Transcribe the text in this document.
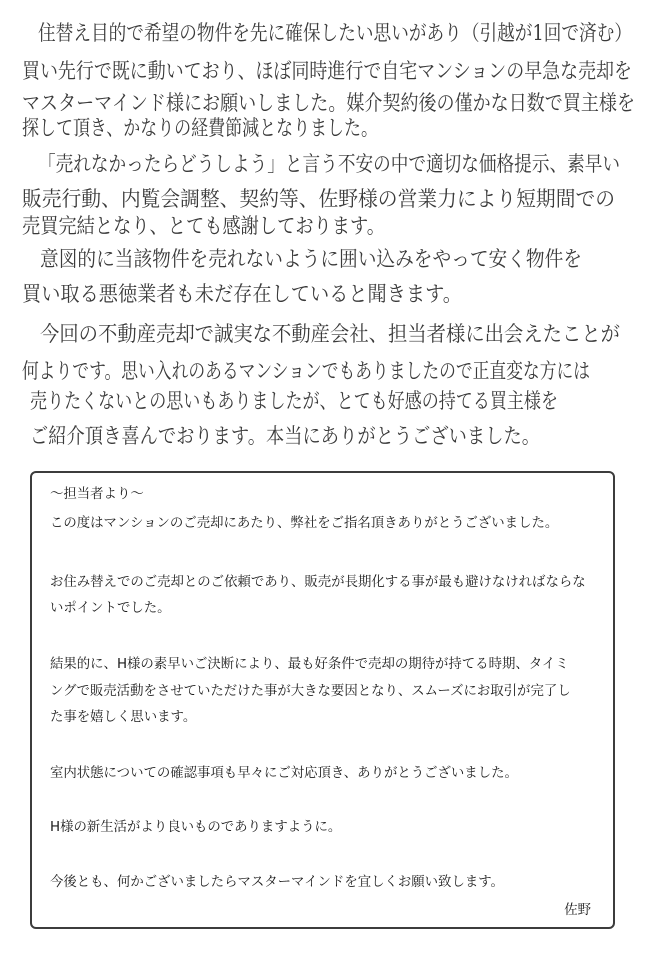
住替え目的で希望の物件を先に確保したい思いがあり（引越が1回で済む）
買い先行で既に動いており、ほぼ同時進行で自宅マンションの早急な売却を
マスターマインド様にお願いしました。媒介契約後の僅かな日数で買主様を
探して頂き、かなりの経費節減となりました。
「売れなかったらどうしよう」と言う不安の中で適切な価格提示、素早い
販売行動、内覧会調整、契約等、佐野様の営業力により短期間での
売買完結となり、とても感謝しております。
意図的に当該物件を売れないように囲い込みをやって安く物件を
買い取る悪徳業者も未だ存在していると聞きます。
今回の不動産売却で誠実な不動産会社、担当者様に出会えたことが
何よりです。思い入れのあるマンションでもありましたので正直変な方には
売りたくないとの思いもありましたが、とても好感の持てる買主様を
ご紹介頂き喜んでおります。本当にありがとうございました。
～担当者より～
この度はマンションのご売却にあたり、弊社をご指名頂きありがとうございました。
お住み替えでのご売却とのご依頼であり、販売が長期化する事が最も避けなければならな
いポイントでした。
結果的に、H様の素早いご決断により、最も好条件で売却の期待が持てる時期、タイミ
ングで販売活動をさせていただけた事が大きな要因となり、スムーズにお取引が完了し
た事を嬉しく思います。
室内状態についての確認事項も早々にご対応頂き、ありがとうございました。
H様の新生活がより良いものでありますように。
今後とも、何かございましたらマスターマインドを宜しくお願い致します。
佐野
